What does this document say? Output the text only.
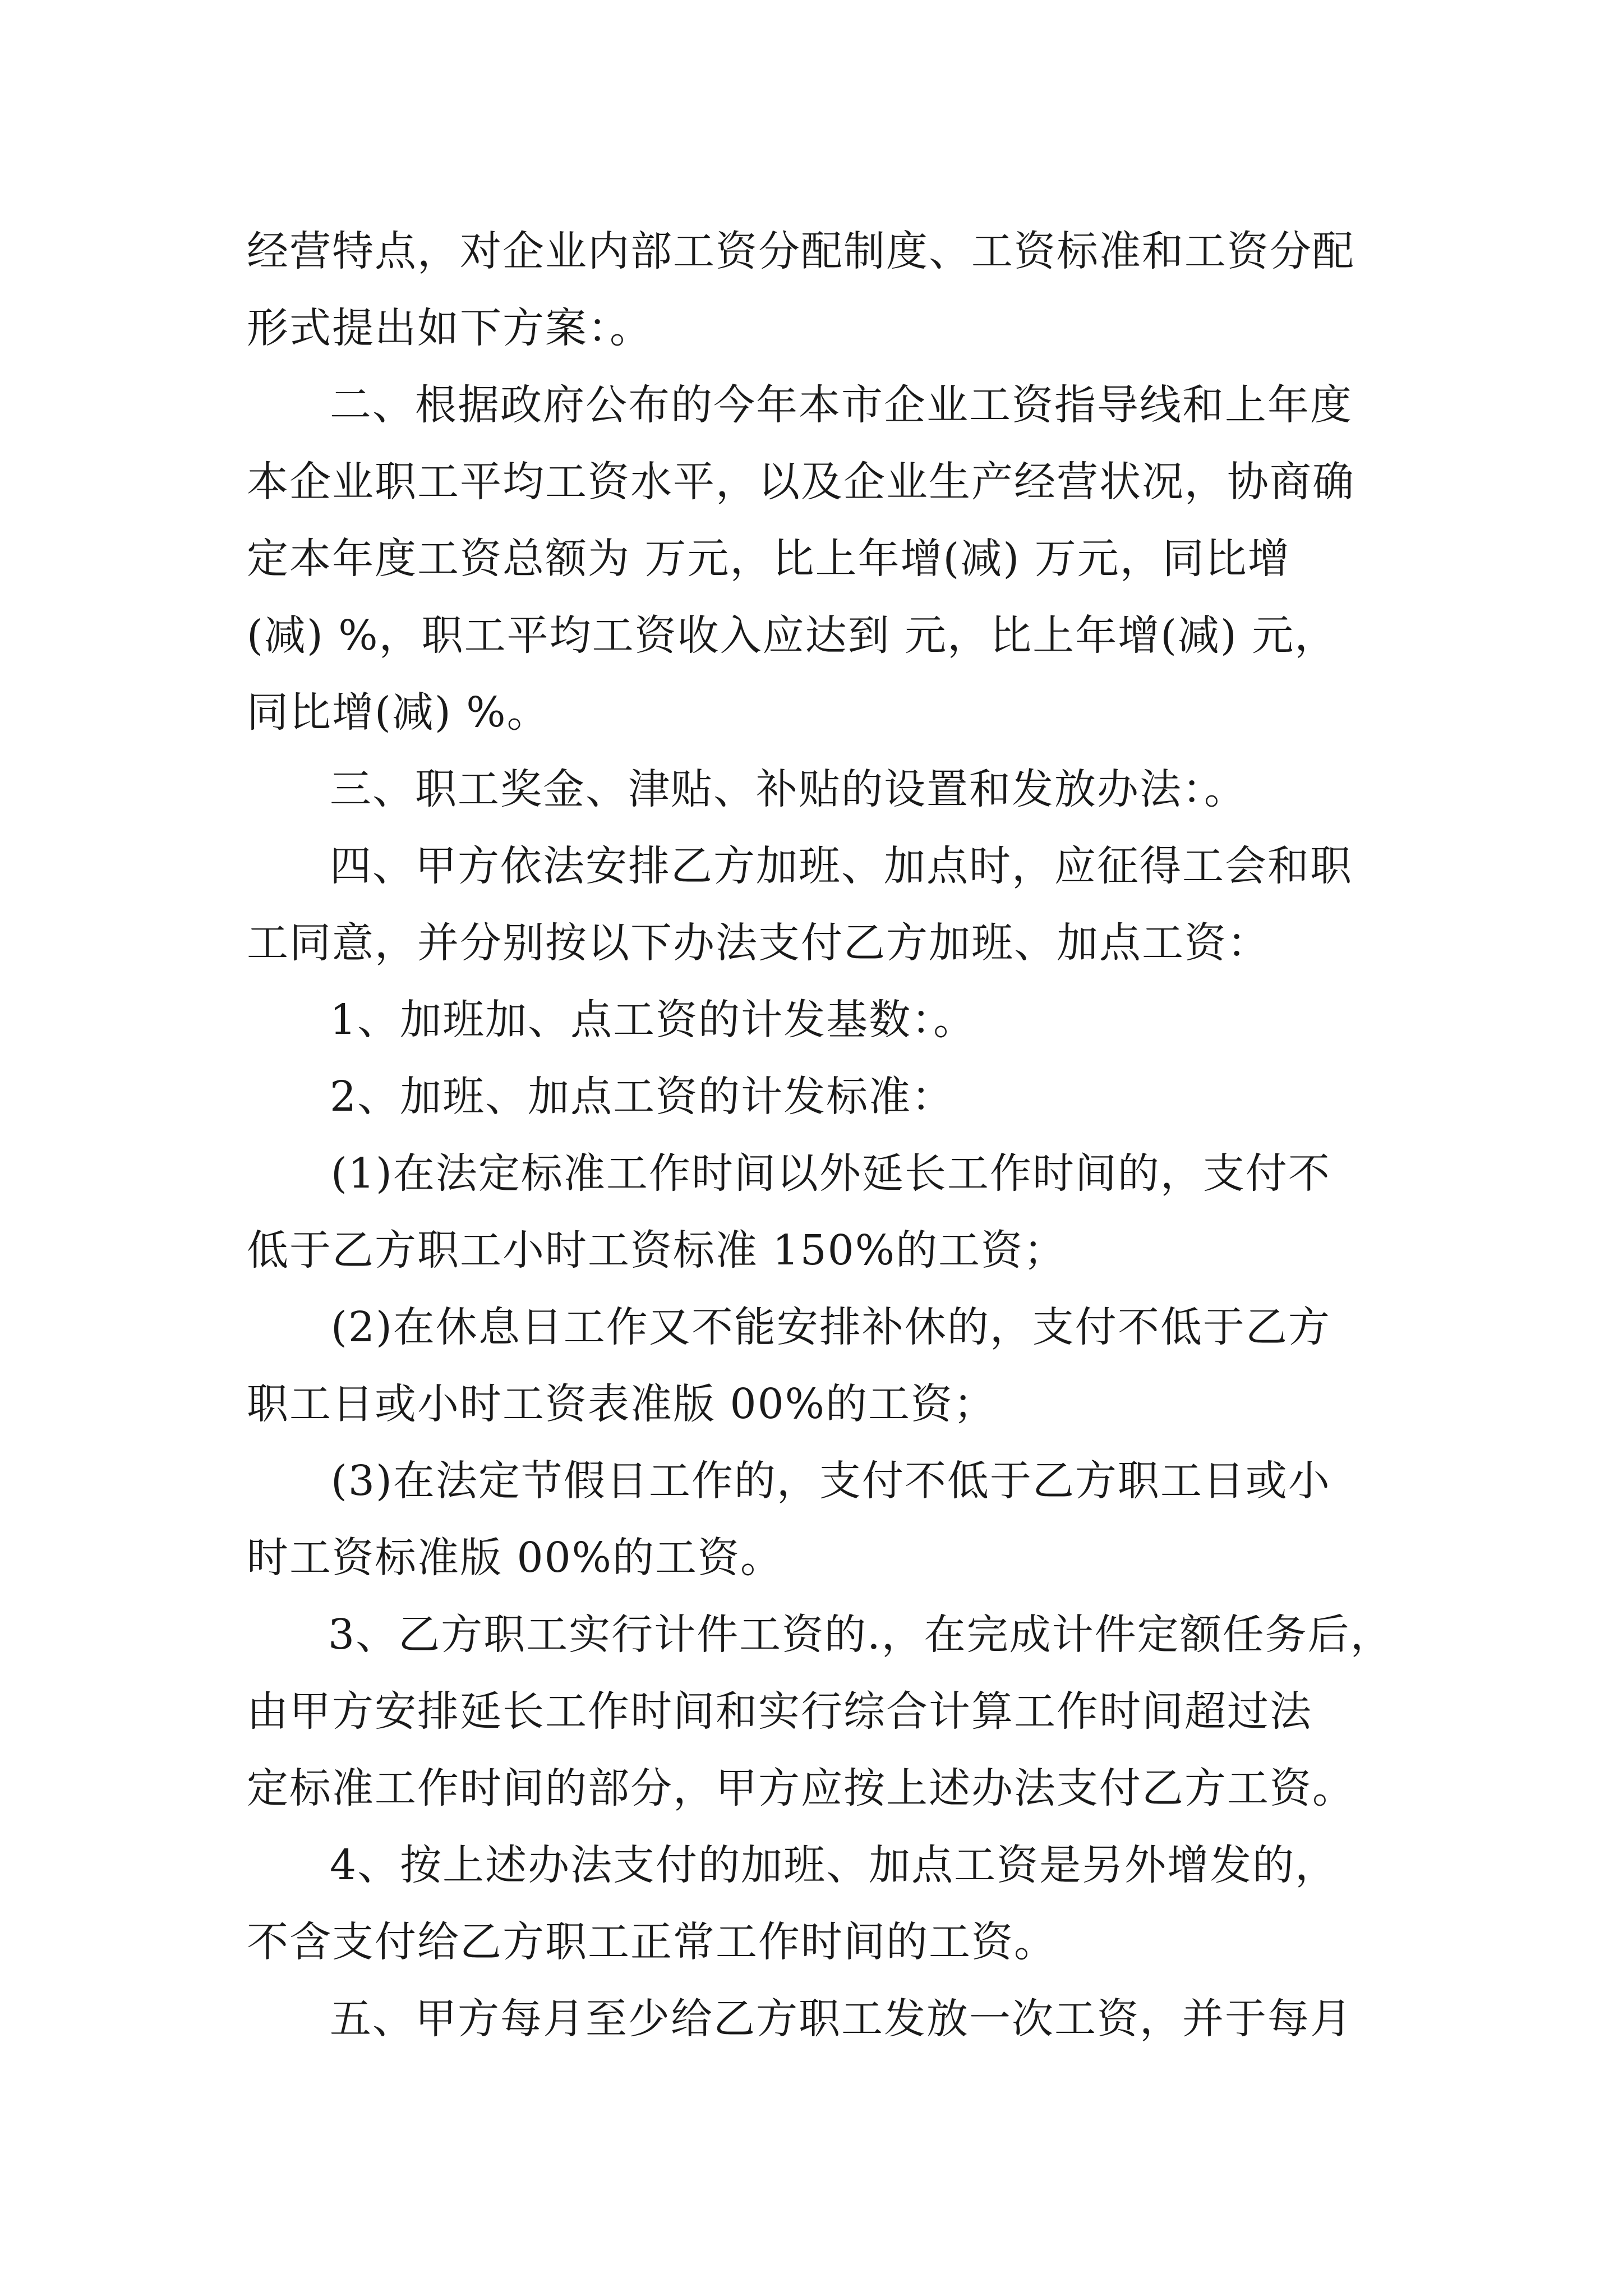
经营特点，对企业内部工资分配制度、工资标准和工资分配
形式提出如下方案：。
二、根据政府公布的今年本市企业工资指导线和上年度
本企业职工平均工资水平，以及企业生产经营状况，协商确
定本年度工资总额为 万元，比上年增(减) 万元，同比增
(减) %，职工平均工资收入应达到 元，比上年增(减) 元，
同比增(减) %。
三、职工奖金、津贴、补贴的设置和发放办法：。
四、甲方依法安排乙方加班、加点时，应征得工会和职
工同意，并分别按以下办法支付乙方加班、加点工资：
1、加班加、点工资的计发基数：。
2、加班、加点工资的计发标准：
(1)在法定标准工作时间以外延长工作时间的，支付不
低于乙方职工小时工资标准 150%的工资；
(2)在休息日工作又不能安排补休的，支付不低于乙方
职工日或小时工资表准版 00%的工资；
(3)在法定节假日工作的，支付不低于乙方职工日或小
时工资标准版 00%的工资。
3、乙方职工实行计件工资的.，在完成计件定额任务后，
由甲方安排延长工作时间和实行综合计算工作时间超过法
定标准工作时间的部分，甲方应按上述办法支付乙方工资。
4、按上述办法支付的加班、加点工资是另外增发的，
不含支付给乙方职工正常工作时间的工资。
五、甲方每月至少给乙方职工发放一次工资，并于每月
